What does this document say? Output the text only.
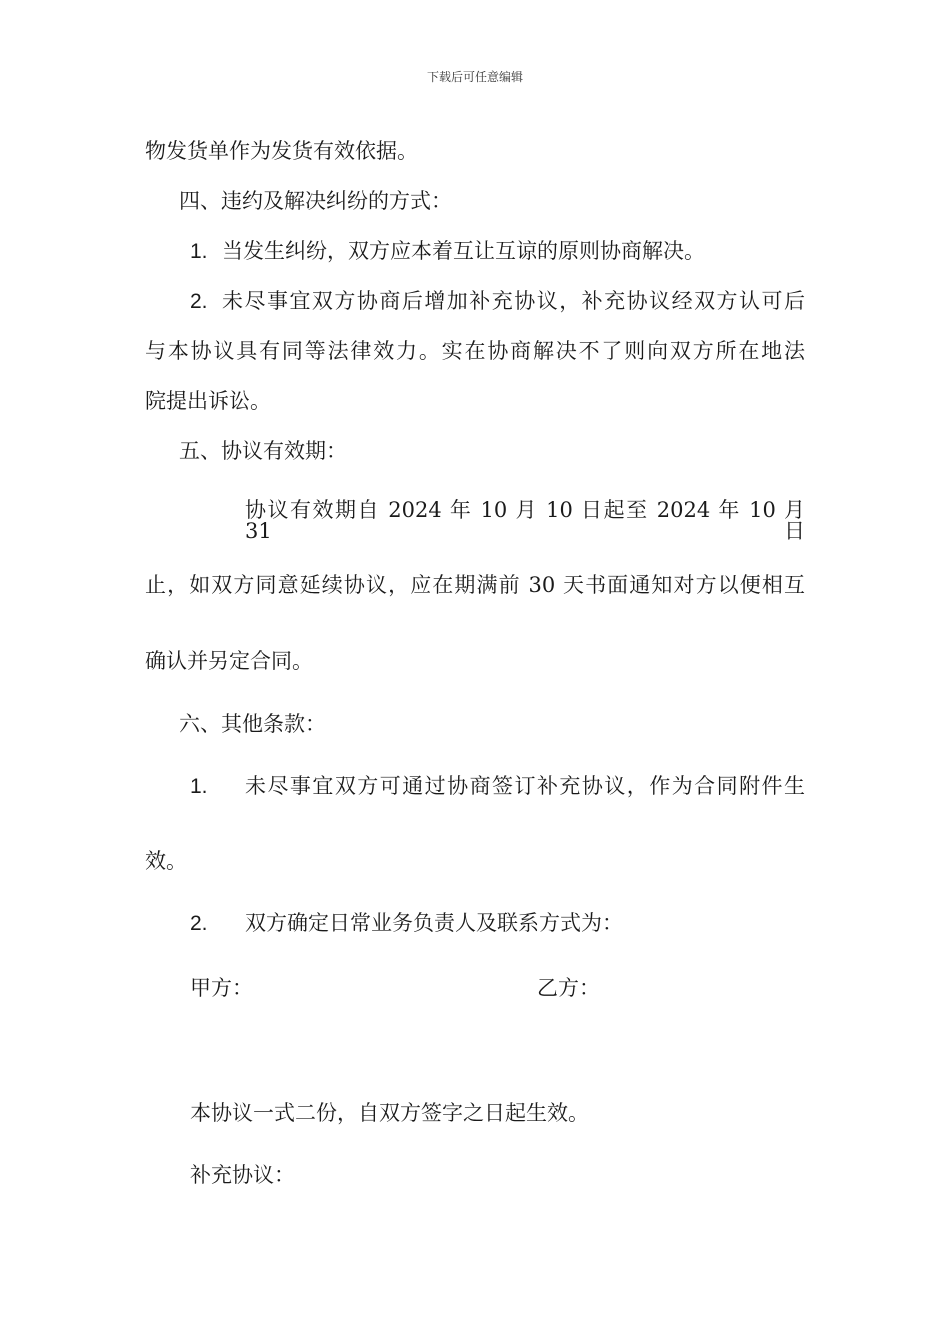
下载后可任意编辑
物发货单作为发货有效依据。
四、违约及解决纠纷的方式：
1. 当发生纠纷，双方应本着互让互谅的原则协商解决。
2. 未尽事宜双方协商后增加补充协议，补充协议经双方认可后
与本协议具有同等法律效力。实在协商解决不了则向双方所在地法
院提出诉讼。
五、协议有效期：
协议有效期自 2024 年 10 月 10 日起至 2024 年 10 月 31 日
止，如双方同意延续协议，应在期满前 30 天书面通知对方以便相互
确认并另定合同。
六、其他条款：
1. 未尽事宜双方可通过协商签订补充协议，作为合同附件生
效。
2. 双方确定日常业务负责人及联系方式为：
甲方：	乙方：
本协议一式二份，自双方签字之日起生效。
补充协议：
